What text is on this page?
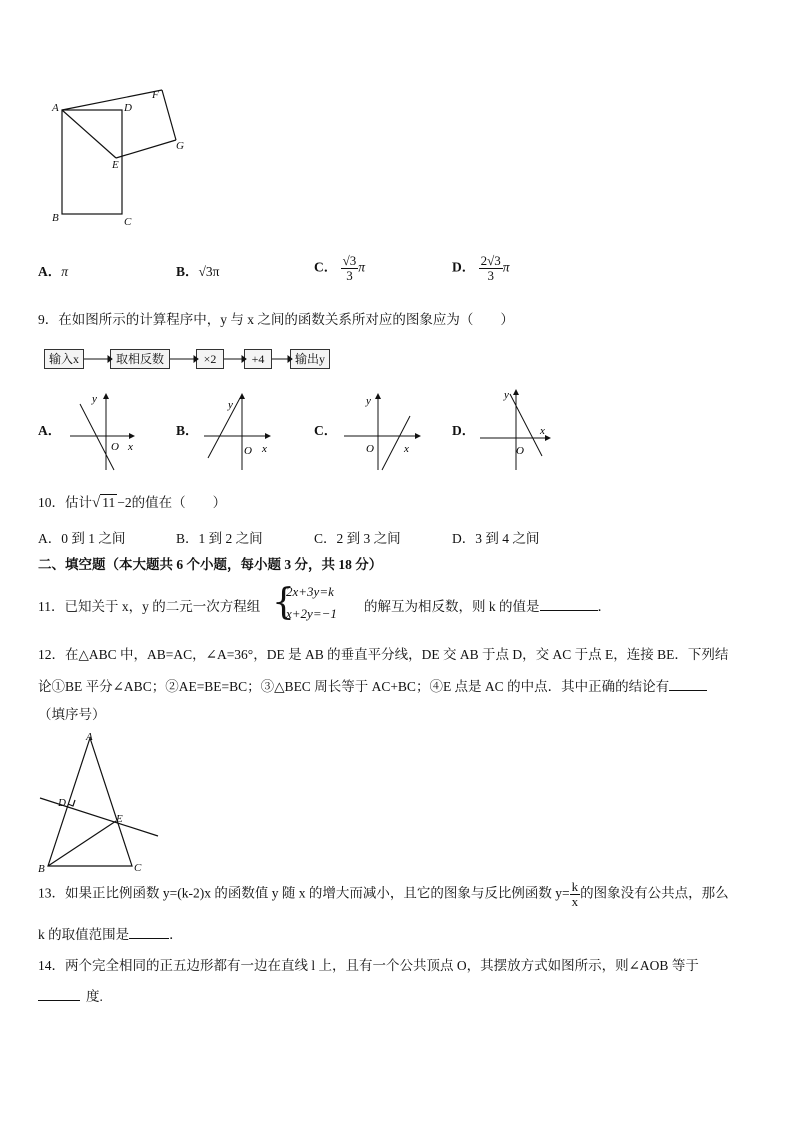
A	D
F
G
E
B	C
A．π	B．√3π	C． $\frac{√3}{3}$ π	D． $\frac{2√3}{3}$ π
9．在如图所示的计算程序中，y 与 x 之间的函数关系所对应的图象应为（　　）
输入x	取相反数	×2	+4	输出y
A．	B．	C．	D．
y
x
O
y
x
O
y
x
O
y
x
O
10．估计√ 11 −2的值在（　　）
A．0 到 1 之间	B．1 到 2 之间	C．2 到 3 之间	D．3 到 4 之间
二、填空题（本大题共 6 个小题，每小题 3 分，共 18 分）
11．已知关于 x，y 的二元一次方程组 {
2x+3y=k
x+2y=−1 的解互为相反数，则 k 的值是	．
12．在△ABC 中，AB=AC，∠A=36°，DE 是 AB 的垂直平分线，DE 交 AB 于点 D，交 AC 于点 E，连接 BE．下列结
论①BE 平分∠ABC；②AE=BE=BC；③△BEC 周长等于 AC+BC；④E 点是 AC 的中点．其中正确的结论有
（填序号）
A
D
E
B	C
13．如果正比例函数 y=(k-2)x 的函数值 y 随 x 的增大而减小，且它的图象与反比例函数 $y= \frac{k}{x}$ 的图象没有公共点，那么
k 的取值范围是	．
14．两个完全相同的正五边形都有一边在直线 l 上，且有一个公共顶点 O，其摆放方式如图所示，则∠AOB 等于
度.
